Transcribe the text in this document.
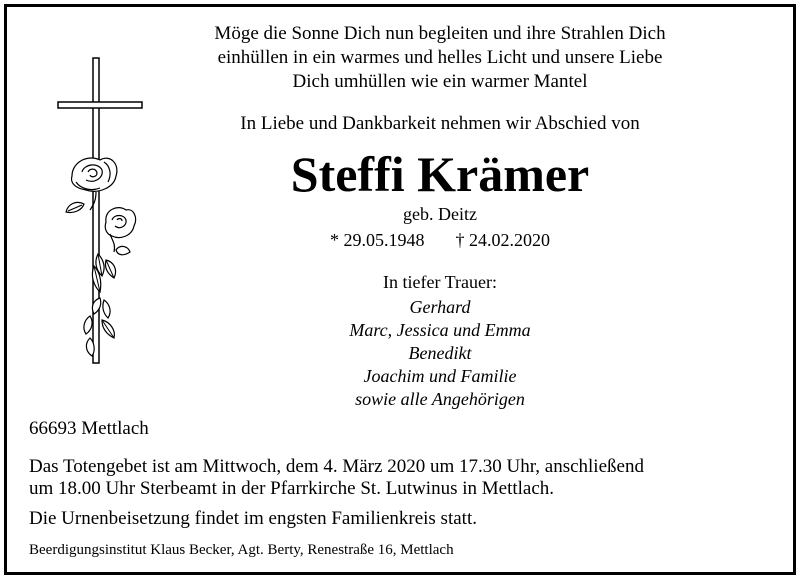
Möge die Sonne Dich nun begleiten und ihre Strahlen Dich
einhüllen in ein warmes und helles Licht und unsere Liebe
Dich umhüllen wie ein warmer Mantel
In Liebe und Dankbarkeit nehmen wir Abschied von
Steffi Krämer
geb. Deitz
* 29.05.1948 † 24.02.2020
In tiefer Trauer:
Gerhard
Marc, Jessica und Emma
Benedikt
Joachim und Familie
sowie alle Angehörigen
66693 Mettlach
Das Totengebet ist am Mittwoch, dem 4. März 2020 um 17.30 Uhr, anschließend
um 18.00 Uhr Sterbeamt in der Pfarrkirche St. Lutwinus in Mettlach.
Die Urnenbeisetzung findet im engsten Familienkreis statt.
Beerdigungsinstitut Klaus Becker, Agt. Berty, Renestraße 16, Mettlach
